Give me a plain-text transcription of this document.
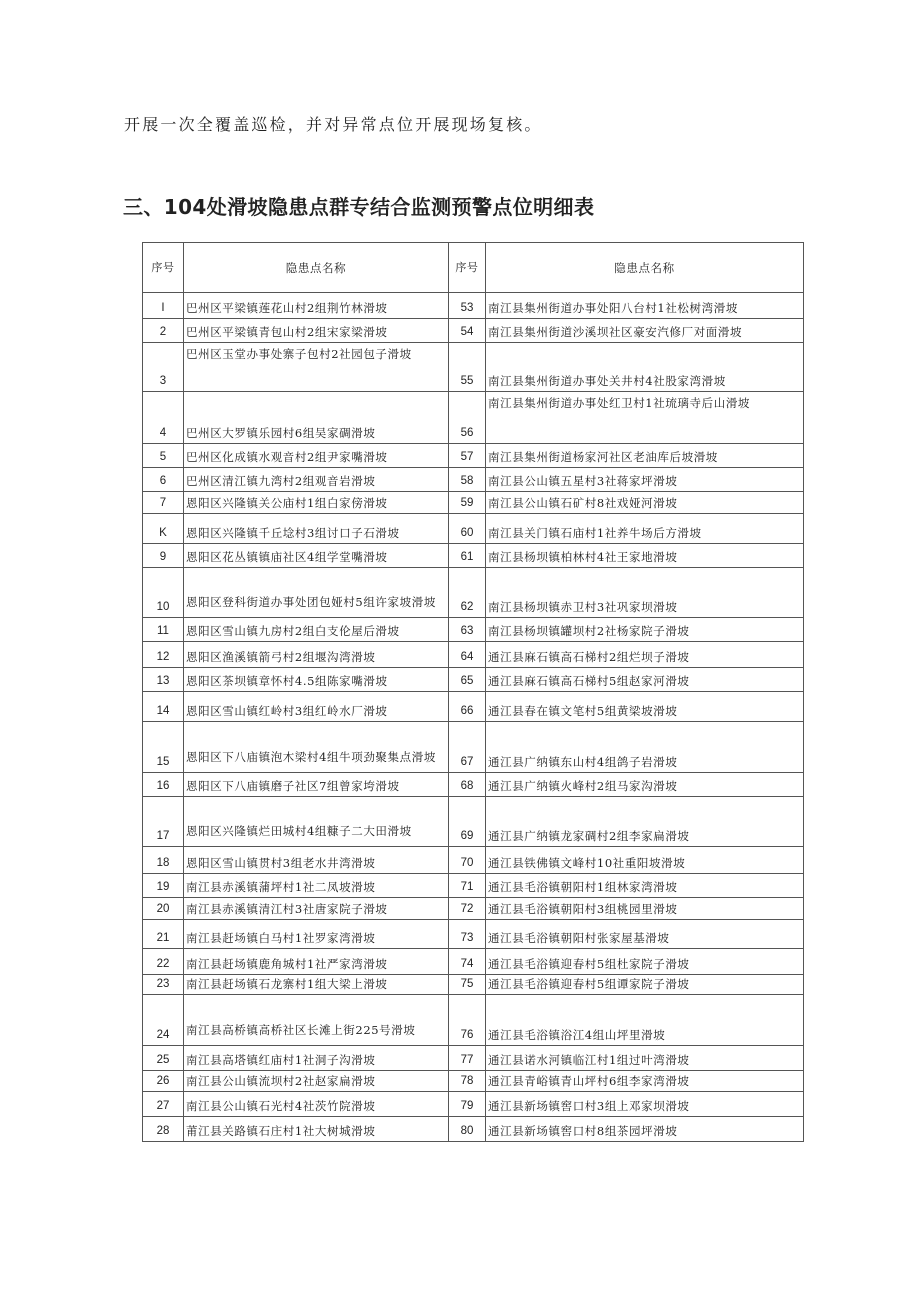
开展一次全覆盖巡检，并对异常点位开展现场复核。
三、104处滑坡隐患点群专结合监测预警点位明细表
序号	隐患点名称	序号	隐患点名称
I	巴州区平梁镇莲花山村2组荆竹林滑坡	53	南江县集州街道办事处阳八台村1社松树湾滑坡
2	巴州区平梁镇青包山村2组宋家梁滑坡	54	南江县集州街道沙溪坝社区豪安汽修厂对面滑坡
3	巴州区玉堂办事处寨子包村2社园包子滑坡	55	南江县集州街道办事处关井村4社股家湾滑坡
4	巴州区大罗镇乐园村6组吴家碉滑坡	56	南江县集州街道办事处红卫村1社琉璃寺后山滑坡
5	巴州区化成镇水观音村2组尹家嘴滑坡	57	南江县集州街道杨家河社区老油库后坡滑坡
6	巴州区清江镇九湾村2组观音岩滑坡	58	南江县公山镇五星村3社蒋家坪滑坡
7	恩阳区兴隆镇关公庙村1组白家傍滑坡	59	南江县公山镇石矿村8社戏娅河滑坡
K	恩阳区兴隆镇千丘埝村3组讨口子石滑坡	60	南江县关门镇石庙村1社养牛场后方滑坡
9	恩阳区花丛镇镇庙社区4组学堂嘴滑坡	61	南江县杨坝镇柏林村4社王家地滑坡
10	恩阳区登科街道办事处团包娅村5组许家坡滑坡	62	南江县杨坝镇赤卫村3社巩家坝滑坡
11	恩阳区雪山镇九房村2组白支伦屋后滑坡	63	南江县杨坝镇罐坝村2社杨家院子滑坡
12	恩阳区渔溪镇箭弓村2组堰沟湾滑坡	64	通江县麻石镇高石梯村2组烂坝子滑坡
13	恩阳区茶坝镇章怀村4.5组陈家嘴滑坡	65	通江县麻石镇高石梯村5组赵家河滑坡
14	恩阳区雪山镇红岭村3组红岭水厂滑坡	66	通江县春在镇文笔村5组黄梁坡滑坡
15	恩阳区下八庙镇泡木梁村4组牛项劲聚集点滑坡	67	通江县广纳镇东山村4组鸽子岩滑坡
16	恩阳区下八庙镇磨子社区7组曾家垮滑坡	68	通江县广纳镇火峰村2组马家沟滑坡
17	恩阳区兴隆镇烂田城村4组糠子二大田滑坡	69	通江县广纳镇龙家碉村2组李家扁滑坡
18	恩阳区雪山镇贯村3组老水井湾滑坡	70	通江县铁佛镇文峰村10社重阳坡滑坡
19	南江县赤溪镇蒲坪村1社二凤坡滑坡	71	通江县毛浴镇朝阳村1组林家湾滑坡
20	南江县赤溪镇清江村3社唐家院子滑坡	72	通江县毛浴镇朝阳村3组桃园里滑坡
21	南江县赶场镇白马村1社罗家湾滑坡	73	通江县毛浴镇朝阳村张家屋基滑坡
22	南江县赶场镇鹿角城村1社严家湾滑坡	74	通江县毛浴镇迎春村5组杜家院子滑坡
23	南江县赶场镇石龙寨村1组大梁上滑坡	75	通江县毛浴镇迎春村5组谭家院子滑坡
24	南江县高桥镇高桥社区长滩上街225号滑坡	76	通江县毛浴镇浴江4组山坪里滑坡
25	南江县高塔镇红庙村1社洞子沟滑坡	77	通江县诺水河镇临江村1组过叶湾滑坡
26	南江县公山镇流坝村2社赵家扁滑坡	78	通江县青峪镇青山坪村6组李家湾滑坡
27	南江县公山镇石光村4社茨竹院滑坡	79	通江县新场镇窖口村3组上邓家坝滑坡
28	莆江县关路镇石庄村1社大树城滑坡	80	通江县新场镇窖口村8组茶园坪滑坡
